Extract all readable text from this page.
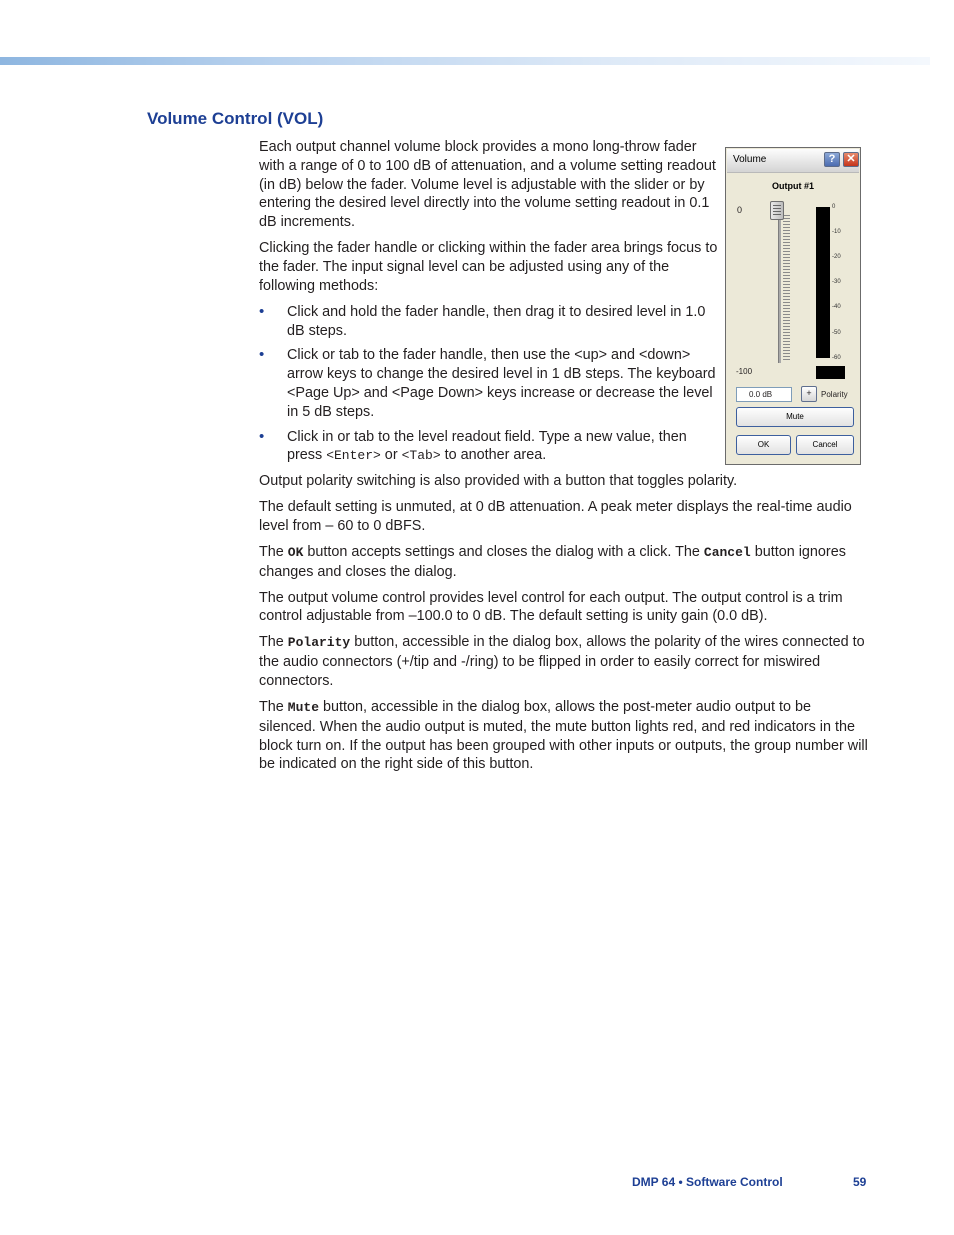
Volume Control (VOL)

Each output channel volume block provides a mono long-throw fader with a range of 0 to 100 dB of attenuation, and a volume setting readout (in dB) below the fader. Volume level is adjustable with the slider or by entering the desired level directly into the volume setting readout in 0.1 dB increments.

Clicking the fader handle or clicking within the fader area brings focus to the fader. The input signal level can be adjusted using any of the following methods:

• Click and hold the fader handle, then drag it to desired level in 1.0 dB steps.
• Click or tab to the fader handle, then use the <up> and <down> arrow keys to change the desired level in 1 dB steps. The keyboard <Page Up> and <Page Down> keys increase or decrease the level in 5 dB steps.
• Click in or tab to the level readout field. Type a new value, then press <Enter> or <Tab> to another area.

Output polarity switching is also provided with a button that toggles polarity.

The default setting is unmuted, at 0 dB attenuation. A peak meter displays the real-time audio level from – 60 to 0 dBFS.

The OK button accepts settings and closes the dialog with a click. The Cancel button ignores changes and closes the dialog.

The output volume control provides level control for each output. The output control is a trim control adjustable from –100.0 to 0 dB. The default setting is unity gain (0.0 dB).

The Polarity button, accessible in the dialog box, allows the polarity of the wires connected to the audio connectors (+/tip and -/ring) to be flipped in order to easily correct for miswired connectors.

The Mute button, accessible in the dialog box, allows the post-meter audio output to be silenced. When the audio output is muted, the mute button lights red, and red indicators in the block turn on. If the output has been grouped with other inputs or outputs, the group number will be indicated on the right side of this button.

Volume	?	✕
Output #1
0
-100
0
-10
-20
-30
-40
-50
-60
0.0 dB	+	Polarity
Mute
OK	Cancel
DMP 64 • Software Control	59
